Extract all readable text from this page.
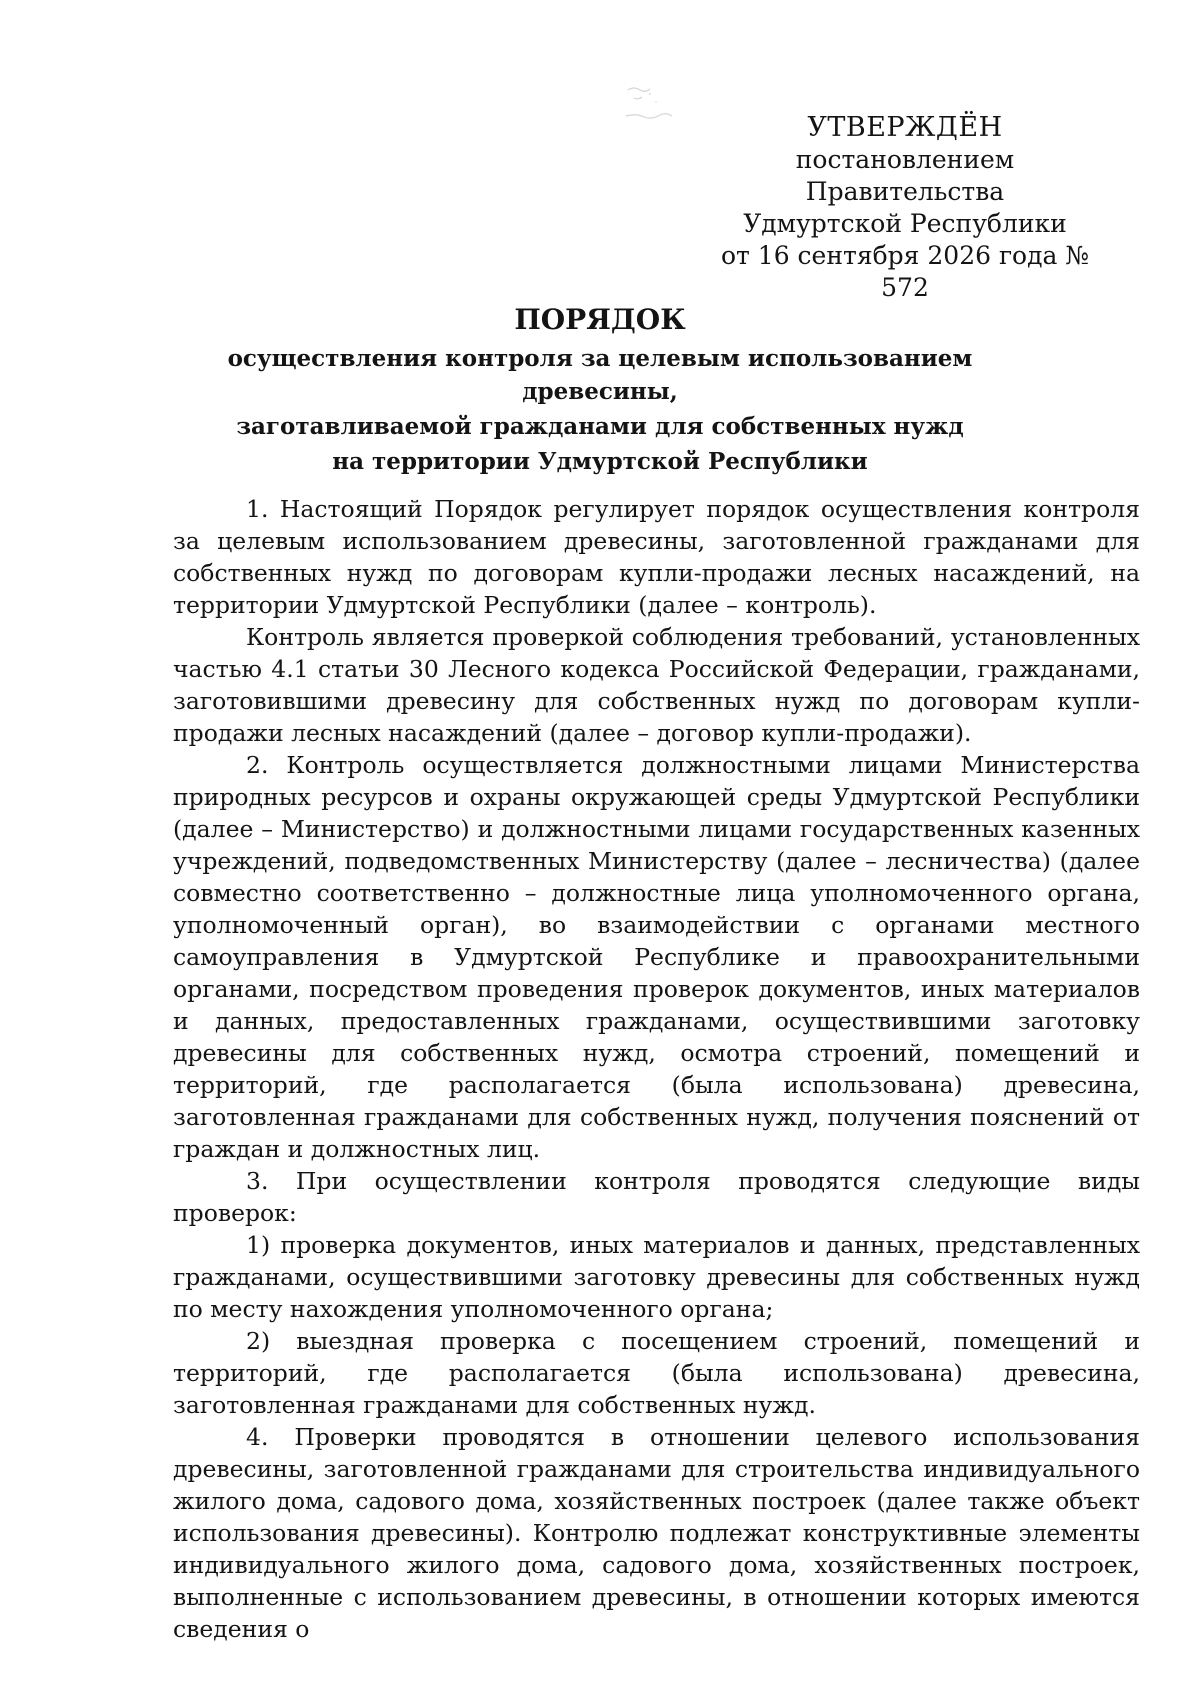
УТВЕРЖДЁН
постановлением Правительства
Удмуртской Республики
от 16 сентября 2026 года № 572
ПОРЯДОК
осуществления контроля за целевым использованием древесины,
заготавливаемой гражданами для собственных нужд
на территории Удмуртской Республики

1. Настоящий Порядок регулирует порядок осуществления контроля за целевым использованием древесины, заготовленной гражданами для собственных нужд по договорам купли-продажи лесных насаждений, на территории Удмуртской Республики (далее – контроль).

Контроль является проверкой соблюдения требований, установленных частью 4.1 статьи 30 Лесного кодекса Российской Федерации, гражданами, заготовившими древесину для собственных нужд по договорам купли-продажи лесных насаждений (далее – договор купли-продажи).

2. Контроль осуществляется должностными лицами Министерства природных ресурсов и охраны окружающей среды Удмуртской Республики (далее – Министерство) и должностными лицами государственных казенных учреждений, подведомственных Министерству (далее – лесничества) (далее совместно соответственно – должностные лица уполномоченного органа, уполномоченный орган), во взаимодействии с органами местного самоуправления в Удмуртской Республике и правоохранительными органами, посредством проведения проверок документов, иных материалов и данных, предоставленных гражданами, осуществившими заготовку древесины для собственных нужд, осмотра строений, помещений и территорий, где располагается (была использована) древесина, заготовленная гражданами для собственных нужд, получения пояснений от граждан и должностных лиц.

3. При осуществлении контроля проводятся следующие виды проверок:

1) проверка документов, иных материалов и данных, представленных гражданами, осуществившими заготовку древесины для собственных нужд по месту нахождения уполномоченного органа;

2) выездная проверка с посещением строений, помещений и территорий, где располагается (была использована) древесина, заготовленная гражданами для собственных нужд.

4. Проверки проводятся в отношении целевого использования древесины, заготовленной гражданами для строительства индивидуального жилого дома, садового дома, хозяйственных построек (далее также объект использования древесины). Контролю подлежат конструктивные элементы индивидуального жилого дома, садового дома, хозяйственных построек, выполненные с использованием древесины, в отношении которых имеются сведения о
